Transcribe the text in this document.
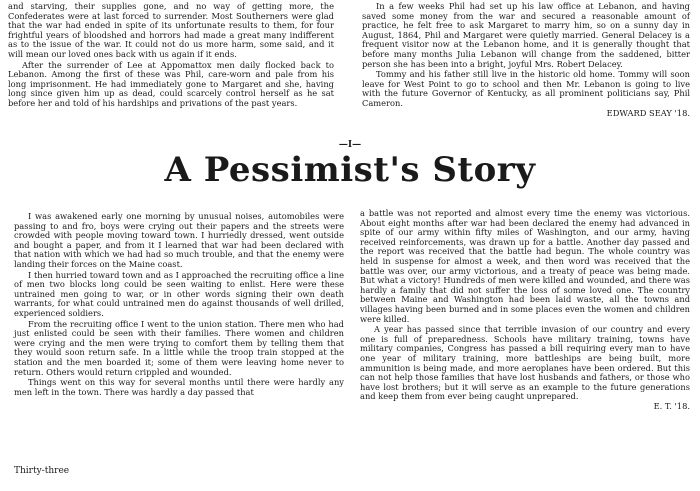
and starving, their supplies gone, and no way of getting more, the Confederates were at last forced to surrender. Most Southerners were glad that the war had ended in spite of its unfortunate results to them, for four frightful years of bloodshed and horrors had made a great many indifferent as to the issue of the war. It could not do us more harm, some said, and it will mean our loved ones back with us again if it ends.

After the surrender of Lee at Appomattox men daily flocked back to Lebanon. Among the first of these was Phil, care-worn and pale from his long imprisonment. He had immediately gone to Margaret and she, having long since given him up as dead, could scarcely control herself as he sat before her and told of his hardships and privations of the past years.

In a few weeks Phil had set up his law office at Lebanon, and having saved some money from the war and secured a reasonable amount of practice, he felt free to ask Margaret to marry him, so on a sunny day in August, 1864, Phil and Margaret were quietly married. General Delacey is a frequent visitor now at the Lebanon home, and it is generally thought that before many months Julia Lebanon will change from the saddened, bitter person she has been into a bright, joyful Mrs. Robert Delacey.

Tommy and his father still live in the historic old home. Tommy will soon leave for West Point to go to school and then Mr. Lebanon is going to live with the future Governor of Kentucky, as all prominent politicians say, Phil Cameron.

EDWARD SEAY '18.
—I—
A Pessimist's Story

I was awakened early one morning by unusual noises, automobiles were passing to and fro, boys were crying out their papers and the streets were crowded with people moving toward town. I hurriedly dressed, went outside and bought a paper, and from it I learned that war had been declared with that nation with which we had had so much trouble, and that the enemy were landing their forces on the Maine coast.

I then hurried toward town and as I approached the recruiting office a line of men two blocks long could be seen waiting to enlist. Here were these untrained men going to war, or in other words signing their own death warrants, for what could untrained men do against thousands of well drilled, experienced soldiers.

From the recruiting office I went to the union station. There men who had just enlisted could be seen with their families. There women and children were crying and the men were trying to comfort them by telling them that they would soon return safe. In a little while the troop train stopped at the station and the men boarded it; some of them were leaving home never to return. Others would return crippled and wounded.

Things went on this way for several months until there were hardly any men left in the town. There was hardly a day passed that

a battle was not reported and almost every time the enemy was victorious. About eight months after war had been declared the enemy had advanced in spite of our army within fifty miles of Washington, and our army, having received reinforcements, was drawn up for a battle. Another day passed and the report was received that the battle had begun. The whole country was held in suspense for almost a week, and then word was received that the battle was over, our army victorious, and a treaty of peace was being made. But what a victory! Hundreds of men were killed and wounded, and there was hardly a family that did not suffer the loss of some loved one. The country between Maine and Washington had been laid waste, all the towns and villages having been burned and in some places even the women and children were killed.

A year has passed since that terrible invasion of our country and every one is full of preparedness. Schools have military training, towns have military companies, Congress has passed a bill requiring every man to have one year of military training, more battleships are being built, more ammunition is being made, and more aeroplanes have been ordered. But this can not help those families that have lost husbands and fathers, or those who have lost brothers; but it will serve as an example to the future generations and keep them from ever being caught unprepared.

E. T. '18.
Thirty-three
